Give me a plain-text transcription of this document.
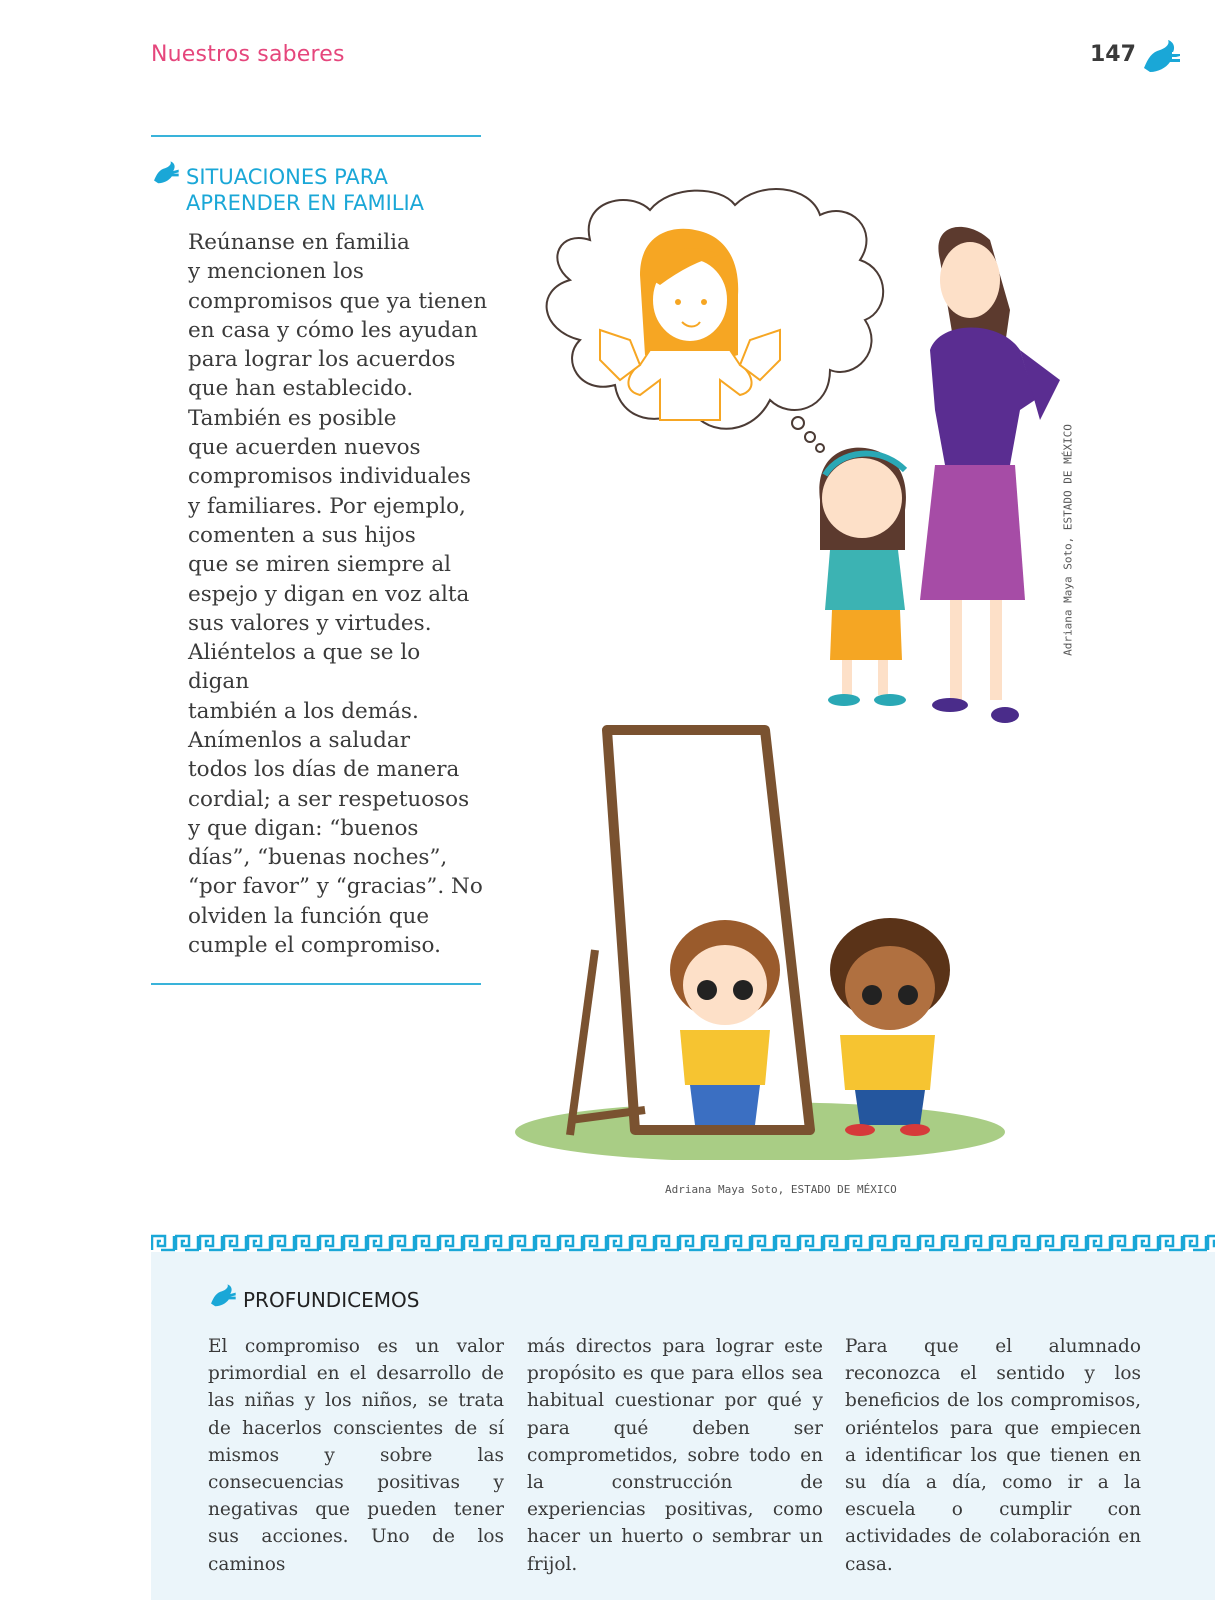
Nuestros saberes	147
SITUACIONES PARA
APRENDER EN FAMILIA
Reúnanse en familia
y mencionen los
compromisos que ya tienen
en casa y cómo les ayudan
para lograr los acuerdos
que han establecido.
También es posible
que acuerden nuevos
compromisos individuales
y familiares. Por ejemplo,
comenten a sus hijos
que se miren siempre al
espejo y digan en voz alta
sus valores y virtudes.
Aliéntelos a que se lo digan
también a los demás.
Anímenlos a saludar
todos los días de manera
cordial; a ser respetuosos
y que digan: “buenos
días”, “buenas noches”,
“por favor” y “gracias”. No
olviden la función que
cumple el compromiso.
Adriana Maya Soto, ESTADO DE MÉXICO
Adriana Maya Soto, ESTADO DE MÉXICO
PROFUNDICEMOS
El compromiso es un valor primordial en el desarrollo de las niñas y los niños, se trata de hacerlos conscientes de sí mismos y sobre las consecuencias positivas y negativas que pueden tener sus acciones. Uno de los caminos
más directos para lograr este propósito es que para ellos sea habitual cuestionar por qué y para qué deben ser comprometidos, sobre todo en la construcción de experiencias positivas, como hacer un huerto o sembrar un frijol.
Para que el alumnado reconozca el sentido y los beneficios de los compromisos, oriéntelos para que empiecen a identificar los que tienen en su día a día, como ir a la escuela o cumplir con actividades de colaboración en casa.
